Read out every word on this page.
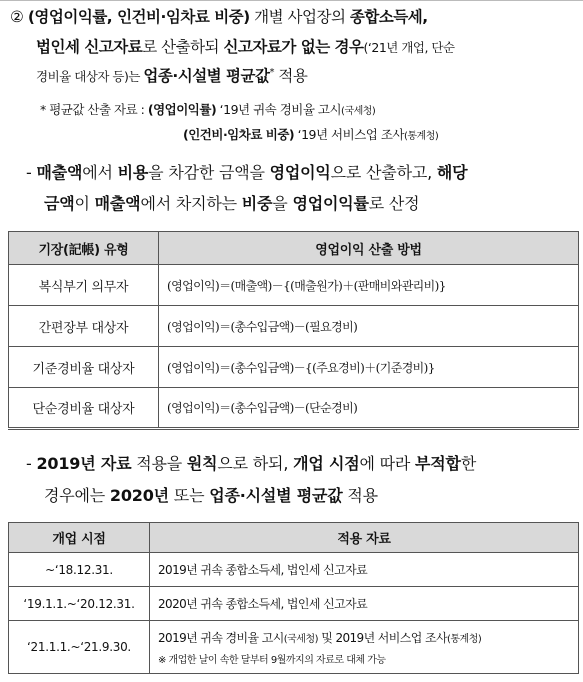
② (영업이익률, 인건비·임차료 비중) 개별 사업장의 종합소득세,
법인세 신고자료로 산출하되 신고자료가 없는 경우(‘21년 개업, 단순
경비율 대상자 등)는 업종·시설별 평균값* 적용
* 평균값 산출 자료 : (영업이익률) ‘19년 귀속 경비율 고시(국세청)
(인건비·임차료 비중) ‘19년 서비스업 조사(통계청)
- 매출액에서 비용을 차감한 금액을 영업이익으로 산출하고, 해당
금액이 매출액에서 차지하는 비중을 영업이익률로 산정
기장(記帳) 유형	영업이익 산출 방법
복식부기 의무자	(영업이익)＝(매출액)－{(매출원가)＋(판매비와관리비)}
간편장부 대상자	(영업이익)＝(총수입금액)－(필요경비)
기준경비율 대상자	(영업이익)＝(총수입금액)－{(주요경비)＋(기준경비)}
단순경비율 대상자	(영업이익)＝(총수입금액)－(단순경비)
- 2019년 자료 적용을 원칙으로 하되, 개업 시점에 따라 부적합한
경우에는 2020년 또는 업종·시설별 평균값 적용
개업 시점	적용 자료
~‘18.12.31.	2019년 귀속 종합소득세, 법인세 신고자료
‘19.1.1.~‘20.12.31.	2020년 귀속 종합소득세, 법인세 신고자료
‘21.1.1.~‘21.9.30.	2019년 귀속 경비율 고시(국세청) 및 2019년 서비스업 조사(통계청)
※ 개업한 날이 속한 달부터 9월까지의 자료로 대체 가능
